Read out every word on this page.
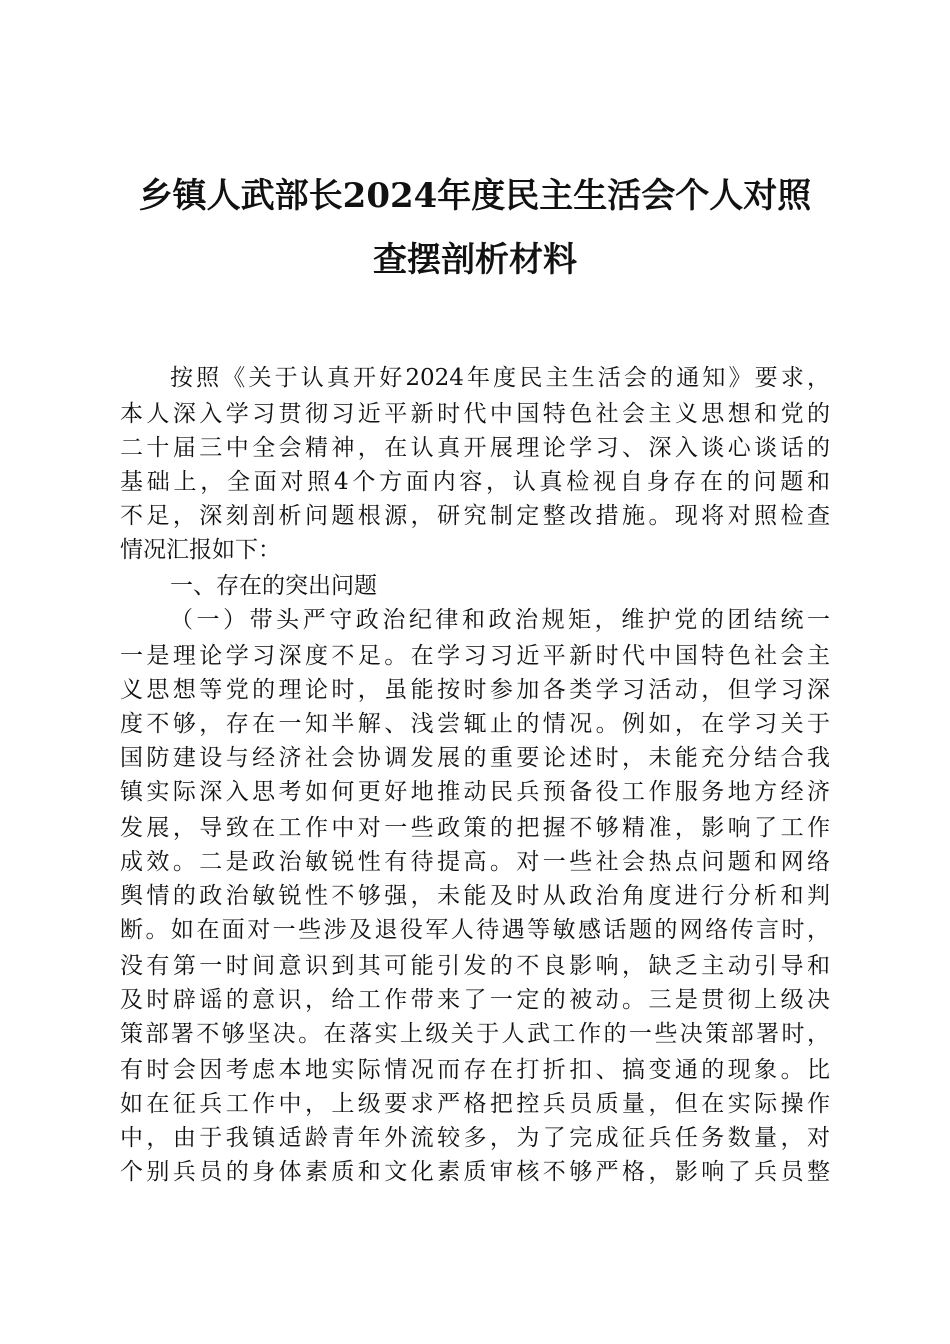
乡镇人武部长2024年度民主生活会个人对照
查摆剖析材料
按照《关于认真开好2024年度民主生活会的通知》要求，
本人深入学习贯彻习近平新时代中国特色社会主义思想和党的
二十届三中全会精神，在认真开展理论学习、深入谈心谈话的
基础上，全面对照4个方面内容，认真检视自身存在的问题和
不足，深刻剖析问题根源，研究制定整改措施。现将对照检查
情况汇报如下：
一、存在的突出问题
（一）带头严守政治纪律和政治规矩，维护党的团结统一
一是理论学习深度不足。在学习习近平新时代中国特色社会主
义思想等党的理论时，虽能按时参加各类学习活动，但学习深
度不够，存在一知半解、浅尝辄止的情况。例如，在学习关于
国防建设与经济社会协调发展的重要论述时，未能充分结合我
镇实际深入思考如何更好地推动民兵预备役工作服务地方经济
发展，导致在工作中对一些政策的把握不够精准，影响了工作
成效。二是政治敏锐性有待提高。对一些社会热点问题和网络
舆情的政治敏锐性不够强，未能及时从政治角度进行分析和判
断。如在面对一些涉及退役军人待遇等敏感话题的网络传言时，
没有第一时间意识到其可能引发的不良影响，缺乏主动引导和
及时辟谣的意识，给工作带来了一定的被动。三是贯彻上级决
策部署不够坚决。在落实上级关于人武工作的一些决策部署时，
有时会因考虑本地实际情况而存在打折扣、搞变通的现象。比
如在征兵工作中，上级要求严格把控兵员质量，但在实际操作
中，由于我镇适龄青年外流较多，为了完成征兵任务数量，对
个别兵员的身体素质和文化素质审核不够严格，影响了兵员整
